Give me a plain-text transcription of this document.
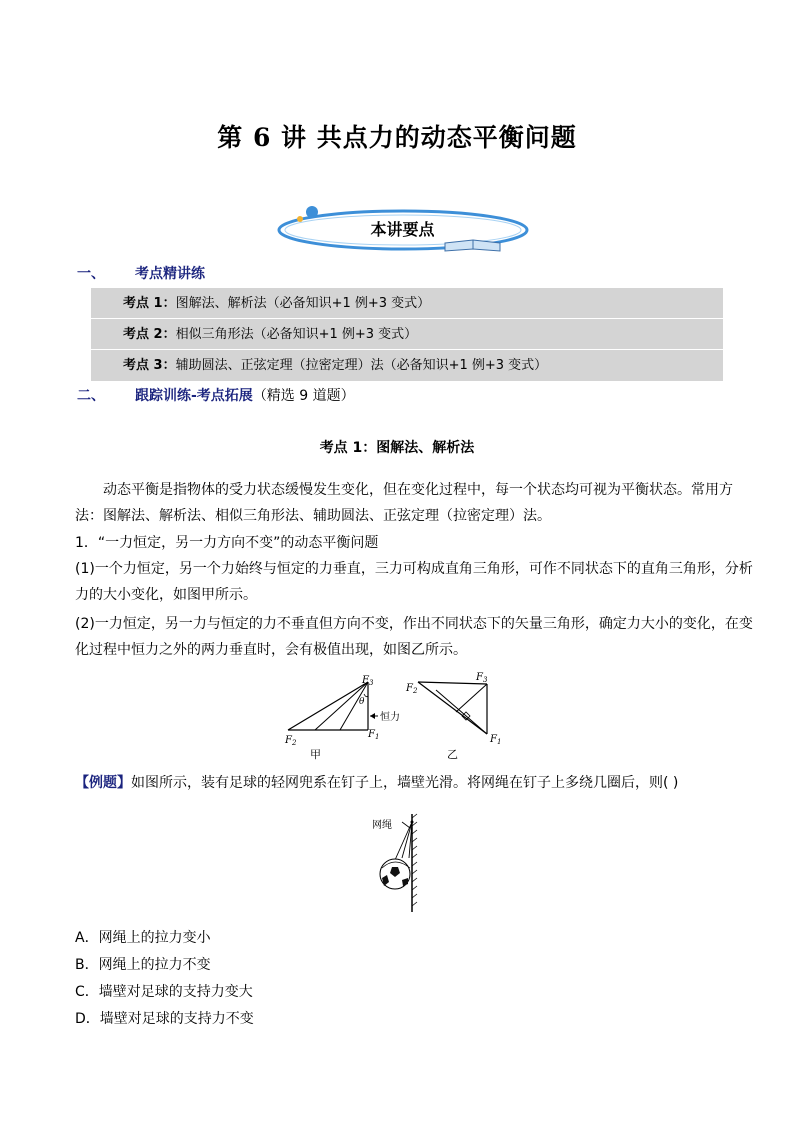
第 6 讲 共点力的动态平衡问题
本讲要点
一、 考点精讲练
考点 1：图解法、解析法（必备知识+1 例+3 变式）
考点 2：相似三角形法（必备知识+1 例+3 变式）
考点 3：辅助圆法、正弦定理（拉密定理）法（必备知识+1 例+3 变式）
二、 跟踪训练-考点拓展（精选 9 道题）
考点 1：图解法、解析法
动态平衡是指物体的受力状态缓慢发生变化，但在变化过程中，每一个状态均可视为平衡状态。常用方法：图解法、解析法、相似三角形法、辅助圆法、正弦定理（拉密定理）法。
1．“一力恒定，另一力方向不变”的动态平衡问题
(1)一个力恒定，另一个力始终与恒定的力垂直，三力可构成直角三角形，可作不同状态下的直角三角形，分析力的大小变化，如图甲所示。
(2)一力恒定，另一力与恒定的力不垂直但方向不变，作出不同状态下的矢量三角形，确定力大小的变化，在变化过程中恒力之外的两力垂直时，会有极值出现，如图乙所示。
$F_3$
θ
恒力
$F_2$
$F_1$
甲
$F_2$
$F_3$
$F_1$
乙
【例题】如图所示，装有足球的轻网兜系在钉子上，墙壁光滑。将网绳在钉子上多绕几圈后，则( )
网绳
A．网绳上的拉力变小
B．网绳上的拉力不变
C．墙壁对足球的支持力变大
D．墙壁对足球的支持力不变
